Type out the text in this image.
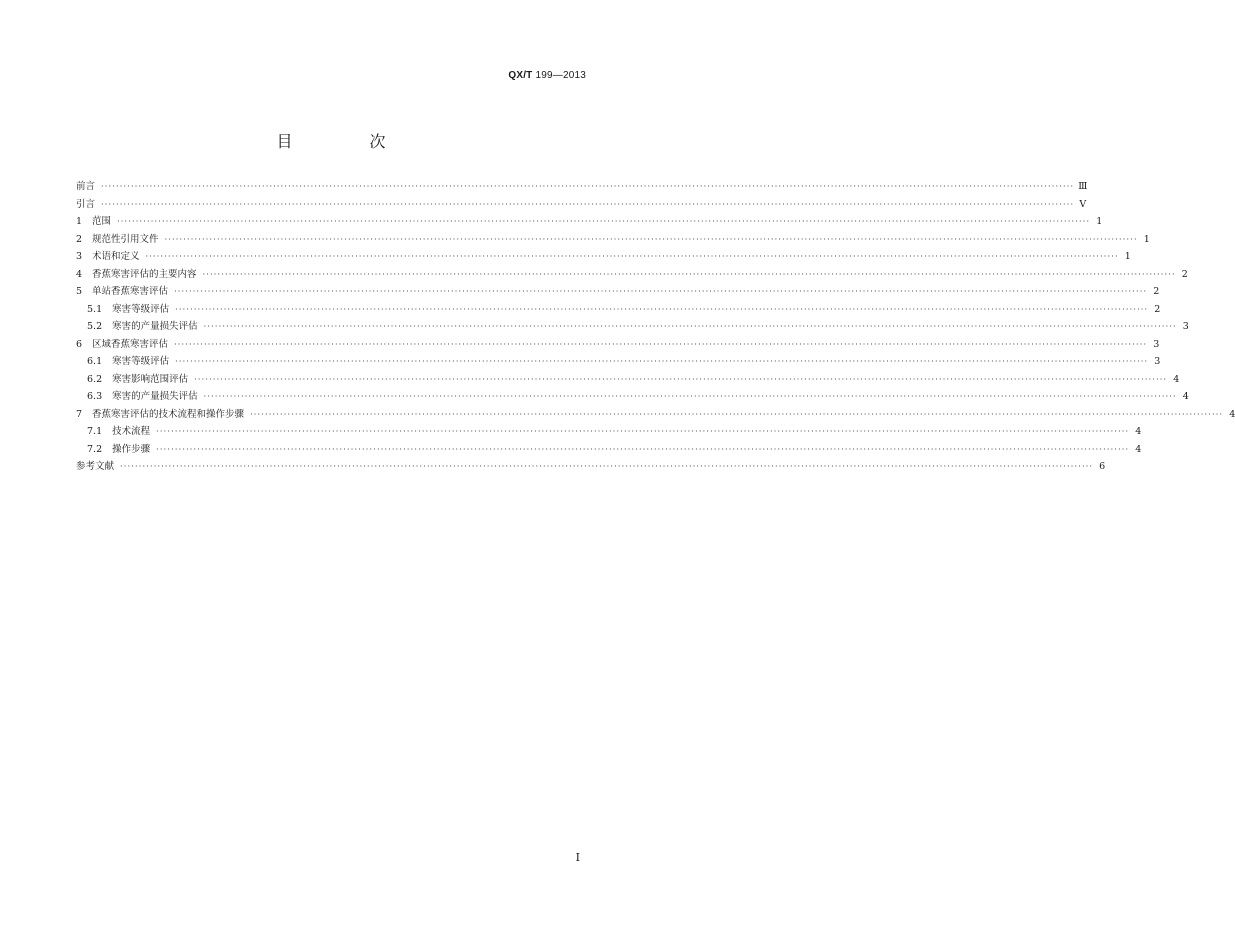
QX/T 199—2013
目 次
前言 ···································································································································································································································································· Ⅲ
引言 ···································································································································································································································································· Ⅴ
1 范围 ···································································································································································································································································· 1
2 规范性引用文件 ···································································································································································································································································· 1
3 术语和定义 ···································································································································································································································································· 1
4 香蕉寒害评估的主要内容 ···································································································································································································································································· 2
5 单站香蕉寒害评估 ···································································································································································································································································· 2
5.1 寒害等级评估 ···································································································································································································································································· 2
5.2 寒害的产量损失评估 ···································································································································································································································································· 3
6 区域香蕉寒害评估 ···································································································································································································································································· 3
6.1 寒害等级评估 ···································································································································································································································································· 3
6.2 寒害影响范围评估 ···································································································································································································································································· 4
6.3 寒害的产量损失评估 ···································································································································································································································································· 4
7 香蕉寒害评估的技术流程和操作步骤 ···································································································································································································································································· 4
7.1 技术流程 ···································································································································································································································································· 4
7.2 操作步骤 ···································································································································································································································································· 4
参考文献 ···································································································································································································································································· 6
Ⅰ
